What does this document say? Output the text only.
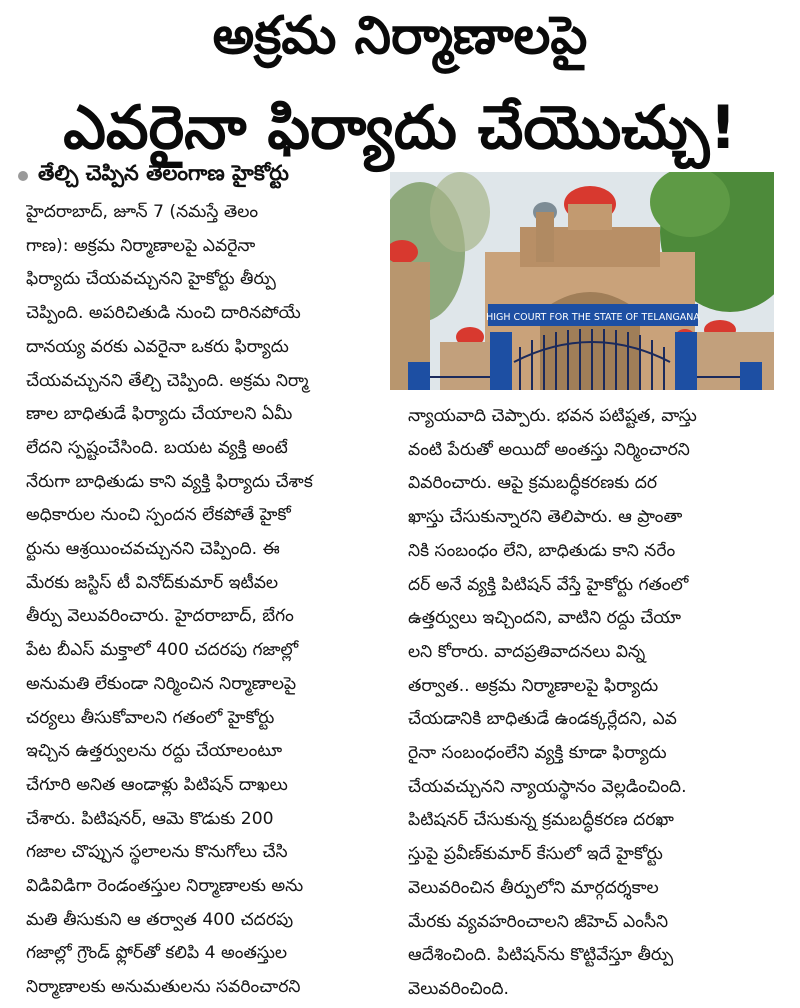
అక్రమ నిర్మాణాలపై
ఎవరైనా ఫిర్యాదు చేయొచ్చు!
తేల్చి చెప్పిన తెలంగాణ హైకోర్టు
హైదరాబాద్, జూన్ 7 (నమస్తే తెలం
గాణ): అక్రమ నిర్మాణాలపై ఎవరైనా
ఫిర్యాదు చేయవచ్చునని హైకోర్టు తీర్పు
చెప్పింది. అపరిచితుడి నుంచి దారినపోయే
దానయ్య వరకు ఎవరైనా ఒకరు ఫిర్యాదు
చేయవచ్చునని తేల్చి చెప్పింది. అక్రమ నిర్మా
ణాల బాధితుడే ఫిర్యాదు చేయాలని ఏమీ
లేదని స్పష్టంచేసింది. బయట వ్యక్తి అంటే
నేరుగా బాధితుడు కాని వ్యక్తి ఫిర్యాదు చేశాక
అధికారుల నుంచి స్పందన లేకపోతే హైకో
ర్టును ఆశ్రయించవచ్చునని చెప్పింది. ఈ
మేరకు జస్టిస్ టీ వినోద్‌కుమార్ ఇటీవల
తీర్పు వెలువరించారు. హైదరాబాద్, బేగం
పేట బీఎస్ మక్తాలో 400 చదరపు గజాల్లో
అనుమతి లేకుండా నిర్మించిన నిర్మాణాలపై
చర్యలు తీసుకోవాలని గతంలో హైకోర్టు
ఇచ్చిన ఉత్తర్వులను రద్దు చేయాలంటూ
చేగూరి అనిత ఆండాళ్లు పిటిషన్ దాఖలు
చేశారు. పిటిషనర్, ఆమె కొడుకు 200
గజాల చొప్పున స్థలాలను కొనుగోలు చేసి
విడివిడిగా రెండంతస్తుల నిర్మాణాలకు అను
మతి తీసుకుని ఆ తర్వాత 400 చదరపు
గజాల్లో గ్రౌండ్ ఫ్లోర్‌తో కలిపి 4 అంతస్తుల
నిర్మాణాలకు అనుమతులను సవరించారని
HIGH COURT FOR THE STATE OF TELANGANA
న్యాయవాది చెప్పారు. భవన పటిష్టత, వాస్తు
వంటి పేరుతో అయిదో అంతస్తు నిర్మించారని
వివరించారు. ఆపై క్రమబద్ధీకరణకు దర
ఖాస్తు చేసుకున్నారని తెలిపారు. ఆ ప్రాంతా
నికి సంబంధం లేని, బాధితుడు కాని నరేం
దర్ అనే వ్యక్తి పిటిషన్ వేస్తే హైకోర్టు గతంలో
ఉత్తర్వులు ఇచ్చిందని, వాటిని రద్దు చేయా
లని కోరారు. వాదప్రతివాదనలు విన్న
తర్వాత.. అక్రమ నిర్మాణాలపై ఫిర్యాదు
చేయడానికి బాధితుడే ఉండక్కర్లేదని, ఎవ
రైనా సంబంధంలేని వ్యక్తి కూడా ఫిర్యాదు
చేయవచ్చునని న్యాయస్థానం వెల్లడించింది.
పిటిషనర్ చేసుకున్న క్రమబద్ధీకరణ దరఖా
స్తుపై ప్రవీణ్‌కుమార్ కేసులో ఇదే హైకోర్టు
వెలువరించిన తీర్పులోని మార్గదర్శకాల
మేరకు వ్యవహరించాలని జీహెచ్ ఎంసీని
ఆదేశించింది. పిటిషన్‌ను కొట్టివేస్తూ తీర్పు
వెలువరించింది.
